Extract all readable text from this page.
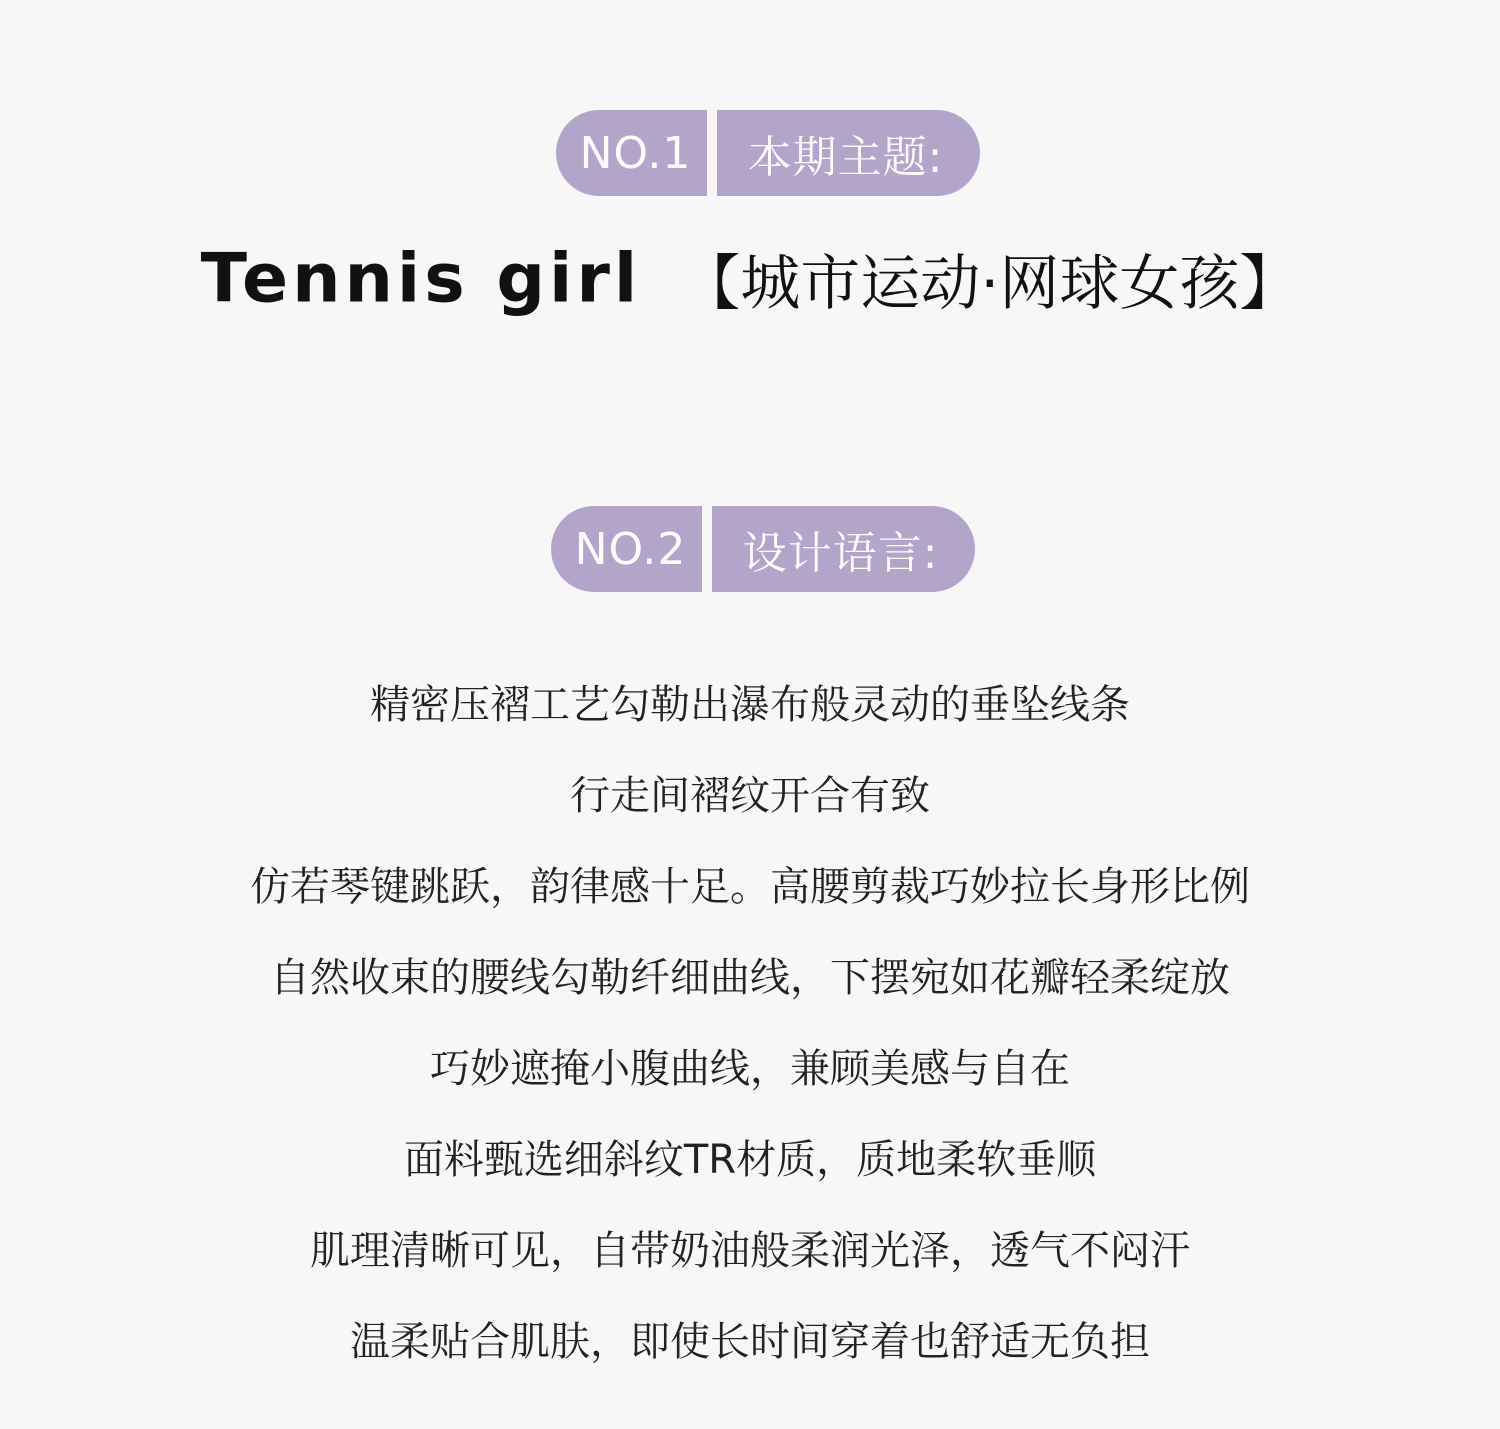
NO.1	本期主题:
Tennis girl 【城市运动·网球女孩】
NO.2	设计语言:
精密压褶工艺勾勒出瀑布般灵动的垂坠线条
行走间褶纹开合有致
仿若琴键跳跃，韵律感十足。高腰剪裁巧妙拉长身形比例
自然收束的腰线勾勒纤细曲线，下摆宛如花瓣轻柔绽放
巧妙遮掩小腹曲线，兼顾美感与自在
面料甄选细斜纹TR材质，质地柔软垂顺
肌理清晰可见，自带奶油般柔润光泽，透气不闷汗
温柔贴合肌肤，即使长时间穿着也舒适无负担
